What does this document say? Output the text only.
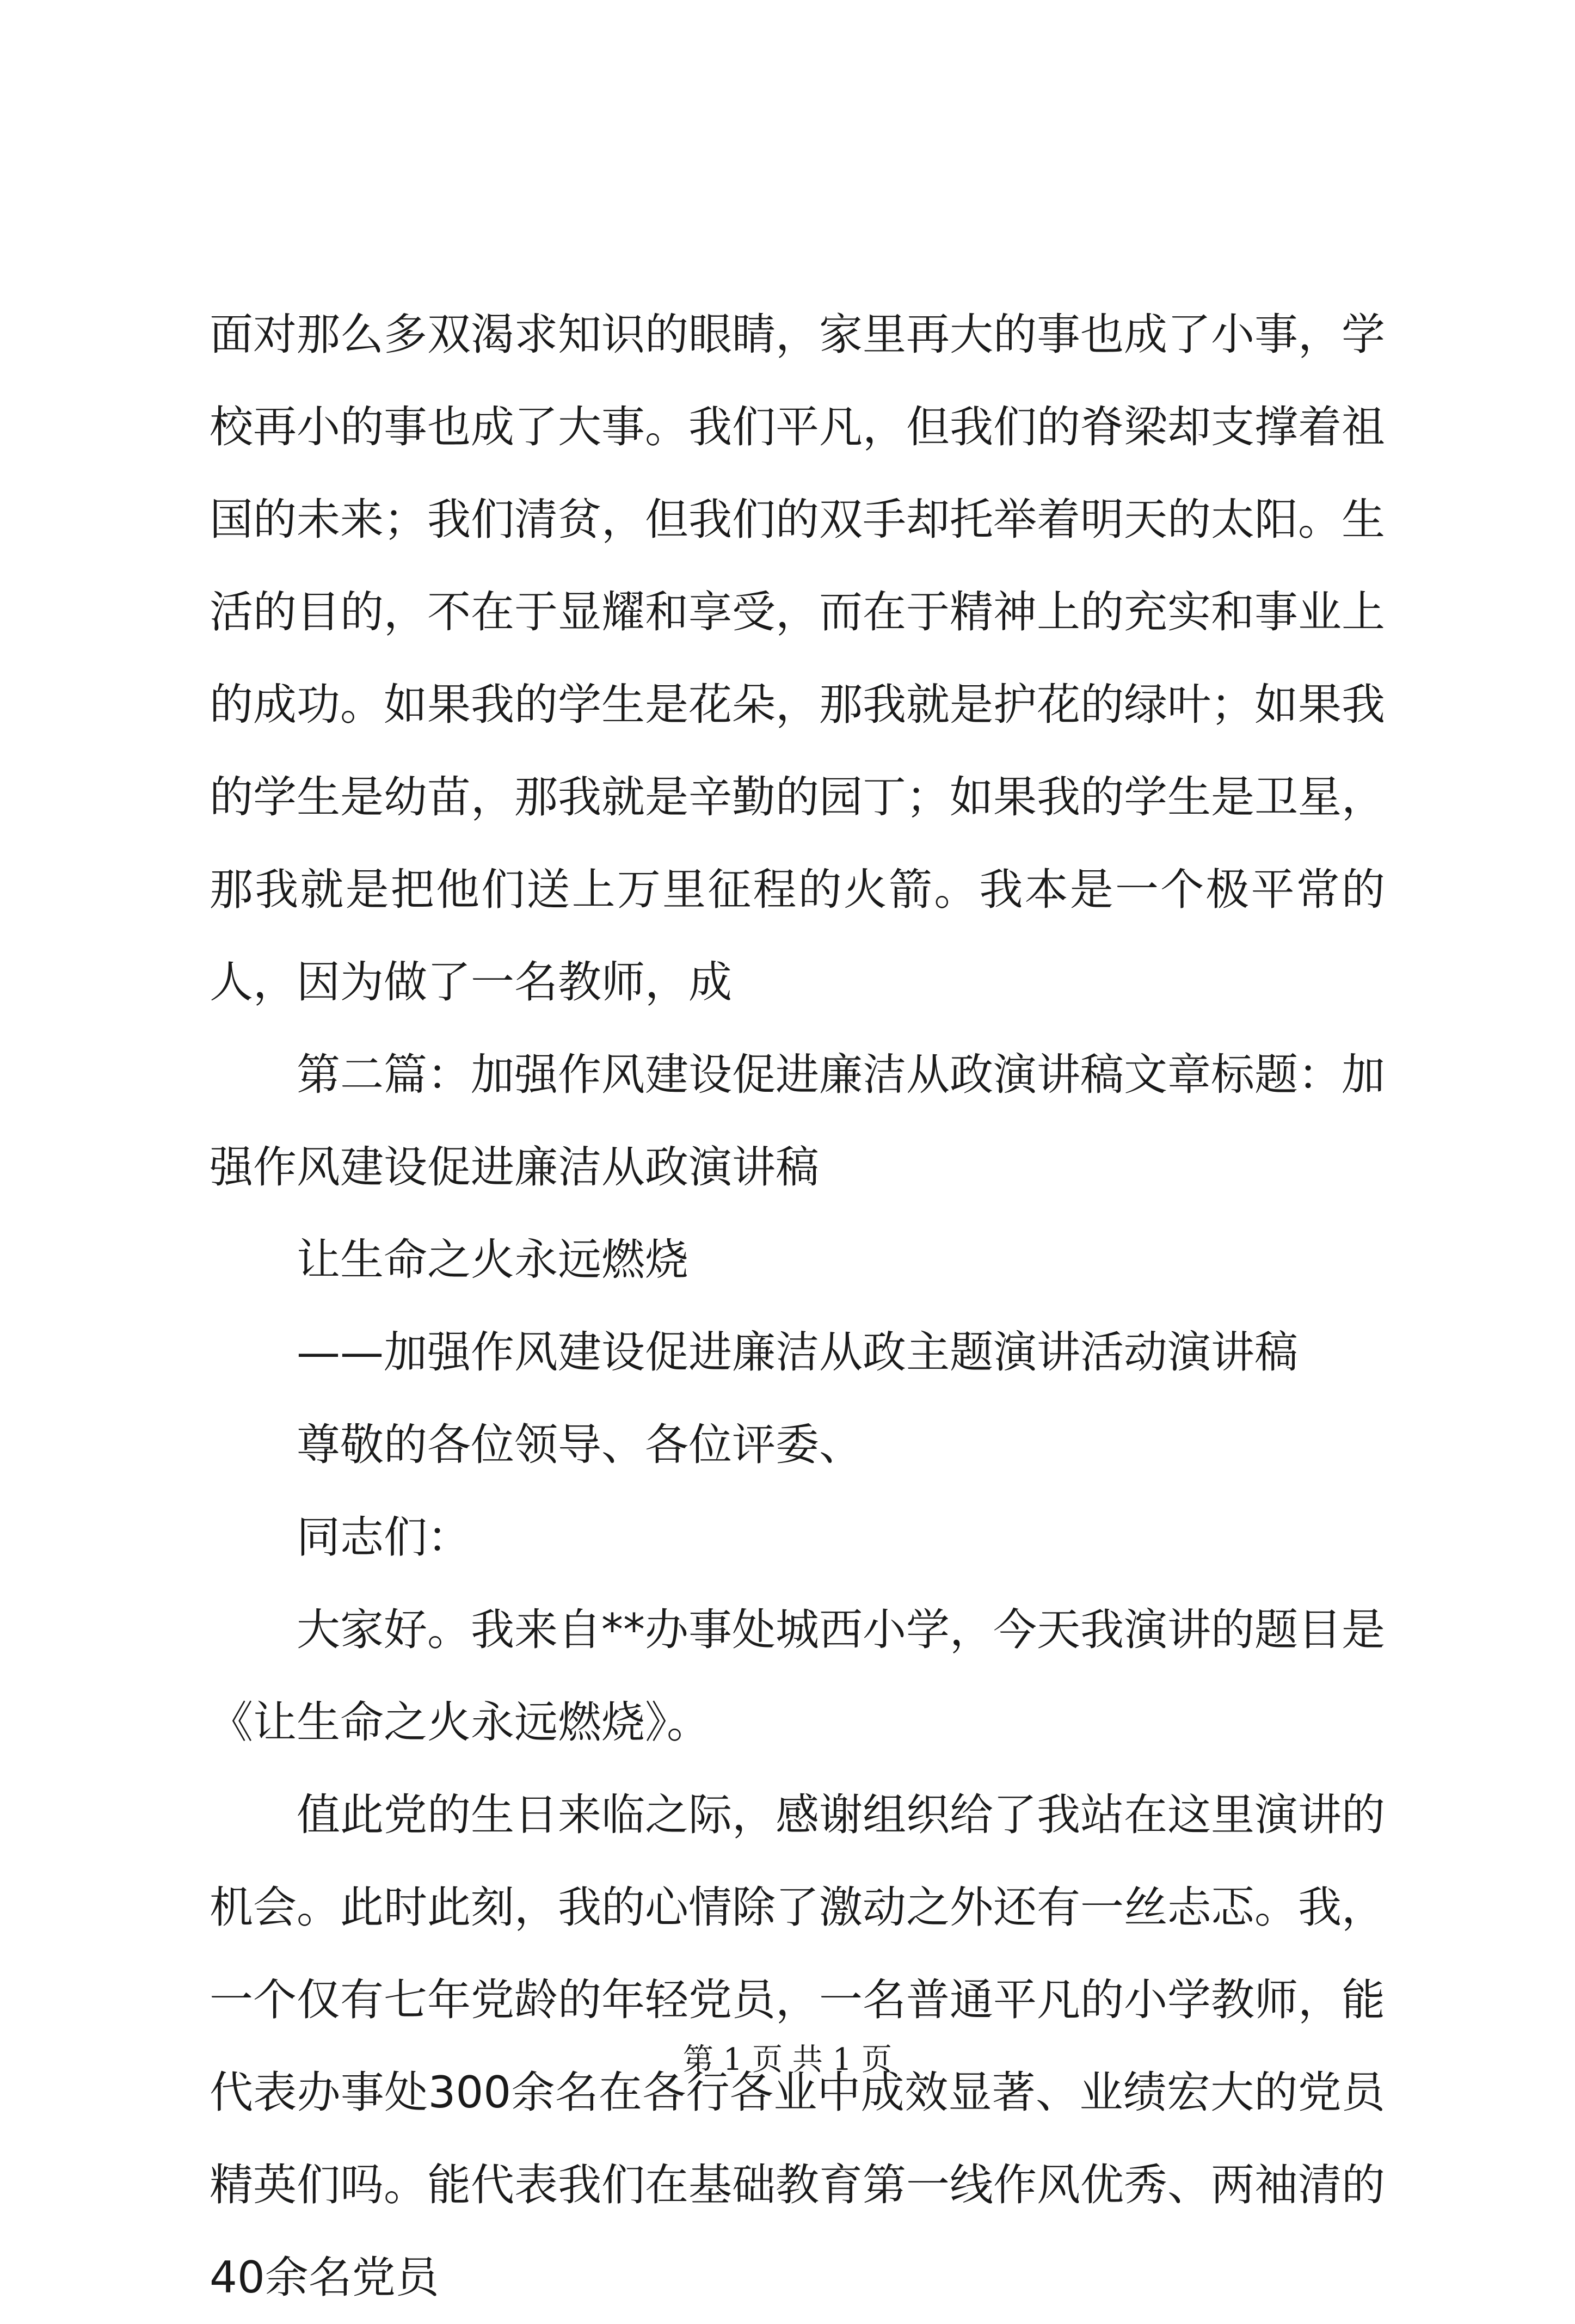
面对那么多双渴求知识的眼睛，家里再大的事也成了小事，学校再小的事也成了大事。我们平凡，但我们的脊梁却支撑着祖国的未来；我们清贫，但我们的双手却托举着明天的太阳。生活的目的，不在于显耀和享受，而在于精神上的充实和事业上的成功。如果我的学生是花朵，那我就是护花的绿叶；如果我的学生是幼苗，那我就是辛勤的园丁；如果我的学生是卫星，那我就是把他们送上万里征程的火箭。我本是一个极平常的人，因为做了一名教师，成

第二篇：加强作风建设促进廉洁从政演讲稿文章标题：加强作风建设促进廉洁从政演讲稿

让生命之火永远燃烧

——加强作风建设促进廉洁从政主题演讲活动演讲稿

尊敬的各位领导、各位评委、

同志们：

大家好。我来自**办事处城西小学，今天我演讲的题目是《让生命之火永远燃烧》。

值此党的生日来临之际，感谢组织给了我站在这里演讲的机会。此时此刻，我的心情除了激动之外还有一丝忐忑。我，一个仅有七年党龄的年轻党员，一名普通平凡的小学教师，能代表办事处300余名在各行各业中成效显著、业绩宏大的党员精英们吗。能代表我们在基础教育第一线作风优秀、两袖清的40余名党员

第 1 页 共 1 页
